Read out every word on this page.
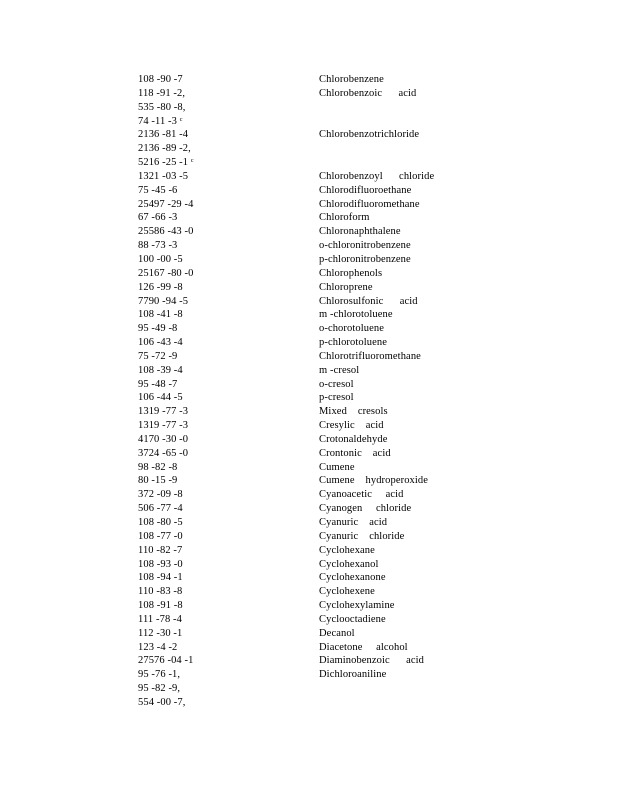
108 -90 -7
118 -91 -2,
535 -80 -8,
74 -11 -3 ᶜ
2136 -81 -4
2136 -89 -2,
5216 -25 -1 ᶜ
1321 -03 -5
75 -45 -6
25497 -29 -4
67 -66 -3
25586 -43 -0
88 -73 -3
100 -00 -5
25167 -80 -0
126 -99 -8
7790 -94 -5
108 -41 -8
95 -49 -8
106 -43 -4
75 -72 -9
108 -39 -4
95 -48 -7
106 -44 -5
1319 -77 -3
1319 -77 -3
4170 -30 -0
3724 -65 -0
98 -82 -8
80 -15 -9
372 -09 -8
506 -77 -4
108 -80 -5
108 -77 -0
110 -82 -7
108 -93 -0
108 -94 -1
110 -83 -8
108 -91 -8
111 -78 -4
112 -30 -1
123 -4 -2
27576 -04 -1
95 -76 -1,
95 -82 -9,
554 -00 -7,
Chlorobenzene
Chlorobenzoic      acid
Chlorobenzotrichloride
Chlorobenzoyl      chloride
Chlorodifluoroethane
Chlorodifluoromethane
Chloroform
Chloronaphthalene
o-chloronitrobenzene
p-chloronitrobenzene
Chlorophenols
Chloroprene
Chlorosulfonic      acid
m -chlorotoluene
o-chorotoluene
p-chlorotoluene
Chlorotrifluoromethane
m -cresol
o-cresol
p-cresol
Mixed    cresols
Cresylic    acid
Crotonaldehyde
Crontonic    acid
Cumene
Cumene    hydroperoxide
Cyanoacetic     acid
Cyanogen     chloride
Cyanuric    acid
Cyanuric    chloride
Cyclohexane
Cyclohexanol
Cyclohexanone
Cyclohexene
Cyclohexylamine
Cyclooctadiene
Decanol
Diacetone     alcohol
Diaminobenzoic      acid
Dichloroaniline
